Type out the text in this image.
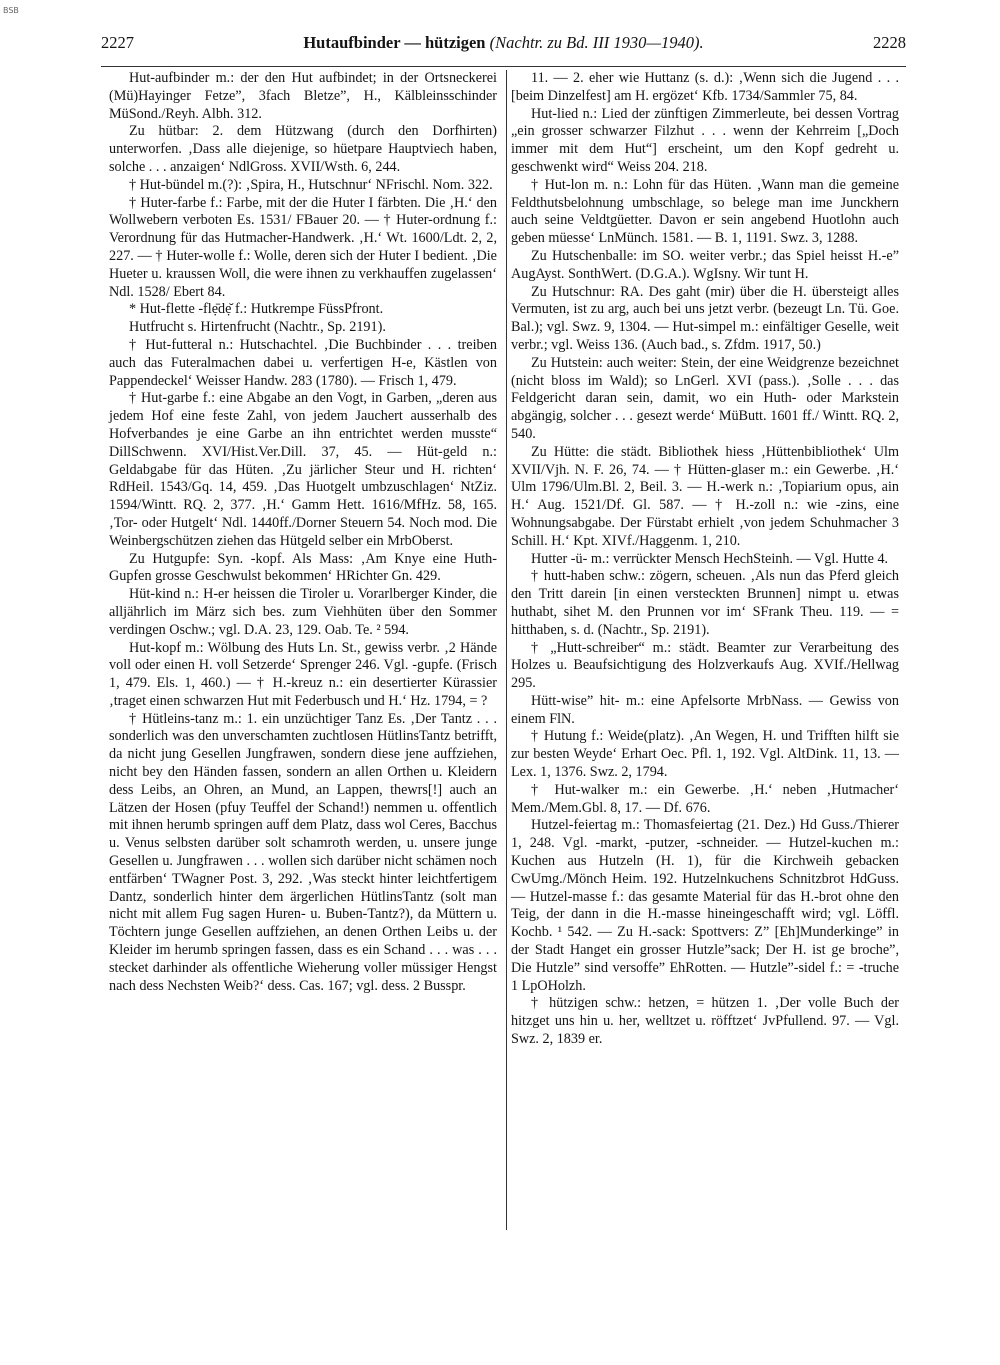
BSB
2227	Hutaufbinder — hützigen (Nachtr. zu Bd. III 1930—1940).	2228

Hut-aufbinder m.: der den Hut aufbindet; in der Ortsneckerei (Mü)Hayinger Fetze”, 3fach Bletze”, H., Kälbleinsschinder MüSond./Reyh. Albh. 312.

Zu hütbar: 2. dem Hützwang (durch den Dorfhirten) unterworfen. ‚Dass alle diejenige, so hüetpare Hauptviech haben, solche . . . anzaigen‘ NdlGross. XVII/Wsth. 6, 244.

† Hut-bündel m.(?): ‚Spira, H., Hutschnur‘ NFrischl. Nom. 322.

† Huter-farbe f.: Farbe, mit der die Huter I färbten. Die ‚H.‘ den Wollwebern verboten Es. 1531/ FBauer 20. — † Huter-ordnung f.: Verordnung für das Hutmacher-Handwerk. ‚H.‘ Wt. 1600/Ldt. 2, 2, 227. — † Huter-wolle f.: Wolle, deren sich der Huter I bedient. ‚Die Hueter u. kraussen Woll, die were ihnen zu verkhauffen zugelassen‘ Ndl. 1528/ Ebert 84.

* Hut-flette -flẹ̄dẹ̆ f.: Hutkrempe FüssPfront.

Hutfrucht s. Hirtenfrucht (Nachtr., Sp. 2191).

† Hut-futteral n.: Hutschachtel. ‚Die Buchbinder . . . treiben auch das Futeralmachen dabei u. verfertigen H-e, Kästlen von Pappendeckel‘ Weisser Handw. 283 (1780). — Frisch 1, 479.

† Hut-garbe f.: eine Abgabe an den Vogt, in Garben, „deren aus jedem Hof eine feste Zahl, von jedem Jauchert ausserhalb des Hofverbandes je eine Garbe an ihn entrichtet werden musste“ DillSchwenn. XVI/Hist.Ver.Dill. 37, 45. — Hüt-geld n.: Geldabgabe für das Hüten. ‚Zu järlicher Steur und H. richten‘ RdHeil. 1543/Gq. 14, 459. ‚Das Huotgelt umbzuschlagen‘ NtZiz. 1594/Wintt. RQ. 2, 377. ‚H.‘ Gamm Hett. 1616/MfHz. 58, 165. ‚Tor- oder Hutgelt‘ Ndl. 1440ff./Dorner Steuern 54. Noch mod. Die Weinbergschützen ziehen das Hütgeld selber ein MrbOberst.

Zu Hutgupfe: Syn. -kopf. Als Mass: ‚Am Knye eine Huth-Gupfen grosse Geschwulst bekommen‘ HRichter Gn. 429.

Hüt-kind n.: H-er heissen die Tiroler u. Vorarlberger Kinder, die alljährlich im März sich bes. zum Viehhüten über den Sommer verdingen Oschw.; vgl. D.A. 23, 129. Oab. Te. ² 594.

Hut-kopf m.: Wölbung des Huts Ln. St., gewiss verbr. ‚2 Hände voll oder einen H. voll Setzerde‘ Sprenger 246. Vgl. -gupfe. (Frisch 1, 479. Els. 1, 460.) — † H.-kreuz n.: ein desertierter Kürassier ‚traget einen schwarzen Hut mit Federbusch und H.‘ Hz. 1794, = ?

† Hütleins-tanz m.: 1. ein unzüchtiger Tanz Es. ‚Der Tantz . . . sonderlich was den unverschamten zuchtlosen HütlinsTantz betrifft, da nicht jung Gesellen Jungfrawen, sondern diese jene auffziehen, nicht bey den Händen fassen, sondern an allen Orthen u. Kleidern dess Leibs, an Ohren, an Mund, an Lappen, thewrs[!] auch an Lätzen der Hosen (pfuy Teuffel der Schand!) nemmen u. offentlich mit ihnen herumb springen auff dem Platz, dass wol Ceres, Bacchus u. Venus selbsten darüber solt schamroth werden, u. unsere junge Gesellen u. Jungfrawen . . . wollen sich darüber nicht schämen noch entfärben‘ TWagner Post. 3, 292. ‚Was steckt hinter leichtfertigem Dantz, sonderlich hinter dem ärgerlichen HütlinsTantz (solt man nicht mit allem Fug sagen Huren- u. Buben-Tantz?), da Müttern u. Töchtern junge Gesellen auffziehen, an denen Orthen Leibs u. der Kleider im herumb springen fassen, dass es ein Schand . . . was . . . stecket darhinder als offentliche Wieherung voller müssiger Hengst nach dess Nechsten Weib?‘ dess. Cas. 167; vgl. dess. 2 Busspr.

11. — 2. eher wie Huttanz (s. d.): ‚Wenn sich die Jugend . . . [beim Dinzelfest] am H. ergözet‘ Kfb. 1734/Sammler 75, 84.

Hut-lied n.: Lied der zünftigen Zimmerleute, bei dessen Vortrag „ein grosser schwarzer Filzhut . . . wenn der Kehrreim [„Doch immer mit dem Hut“] erscheint, um den Kopf gedreht u. geschwenkt wird“ Weiss 204. 218.

† Hut-lon m. n.: Lohn für das Hüten. ‚Wann man die gemeine Feldthutsbelohnung umbschlage, so belege man ime Junckhern auch seine Veldtgüetter. Davon er sein angebend Huotlohn auch geben müesse‘ LnMünch. 1581. — B. 1, 1191. Swz. 3, 1288.

Zu Hutschenballe: im SO. weiter verbr.; das Spiel heisst H.-e” AugAyst. SonthWert. (D.G.A.). WgIsny. Wir tunt H.

Zu Hutschnur: RA. Des gaht (mir) über die H. übersteigt alles Vermuten, ist zu arg, auch bei uns jetzt verbr. (bezeugt Ln. Tü. Goe. Bal.); vgl. Swz. 9, 1304. — Hut-simpel m.: einfältiger Geselle, weit verbr.; vgl. Weiss 136. (Auch bad., s. Zfdm. 1917, 50.)

Zu Hutstein: auch weiter: Stein, der eine Weidgrenze bezeichnet (nicht bloss im Wald); so LnGerl. XVI (pass.). ‚Solle . . . das Feldgericht daran sein, damit, wo ein Huth- oder Markstein abgängig, solcher . . . gesezt werde‘ MüButt. 1601 ff./ Wintt. RQ. 2, 540.

Zu Hütte: die städt. Bibliothek hiess ‚Hüttenbibliothek‘ Ulm XVII/Vjh. N. F. 26, 74. — † Hütten-glaser m.: ein Gewerbe. ‚H.‘ Ulm 1796/Ulm.Bl. 2, Beil. 3. — H.-werk n.: ‚Topiarium opus, ain H.‘ Aug. 1521/Df. Gl. 587. — † H.-zoll n.: wie -zins, eine Wohnungsabgabe. Der Fürstabt erhielt ‚von jedem Schuhmacher 3 Schill. H.‘ Kpt. XIVf./Haggenm. 1, 210.

Hutter -ü- m.: verrückter Mensch HechSteinh. — Vgl. Hutte 4.

† hutt-haben schw.: zögern, scheuen. ‚Als nun das Pferd gleich den Tritt darein [in einen versteckten Brunnen] nimpt u. etwas huthabt, sihet M. den Prunnen vor im‘ SFrank Theu. 119. — = hitthaben, s. d. (Nachtr., Sp. 2191).

† „Hutt-schreiber“ m.: städt. Beamter zur Verarbeitung des Holzes u. Beaufsichtigung des Holzverkaufs Aug. XVIf./Hellwag 295.

Hütt-wise” hit- m.: eine Apfelsorte MrbNass. — Gewiss von einem FlN.

† Hutung f.: Weide(platz). ‚An Wegen, H. und Trifften hilft sie zur besten Weyde‘ Erhart Oec. Pfl. 1, 192. Vgl. AltDink. 11, 13. — Lex. 1, 1376. Swz. 2, 1794.

† Hut-walker m.: ein Gewerbe. ‚H.‘ neben ‚Hutmacher‘ Mem./Mem.Gbl. 8, 17. — Df. 676.

Hutzel-feiertag m.: Thomasfeiertag (21. Dez.) Hd Guss./Thierer 1, 248. Vgl. -markt, -putzer, -schneider. — Hutzel-kuchen m.: Kuchen aus Hutzeln (H. 1), für die Kirchweih gebacken CwUmg./Mönch Heim. 192. Hutzelnkuchens Schnitzbrot HdGuss. — Hutzel-masse f.: das gesamte Material für das H.-brot ohne den Teig, der dann in die H.-masse hineingeschafft wird; vgl. Löffl. Kochb. ¹ 542. — Zu H.-sack: Spottvers: Z” [Eh]Munderkinge” in der Stadt Hanget ein grosser Hutzle”sack; Der H. ist ge broche”, Die Hutzle” sind versoffe” EhRotten. — Hutzle”-sidel f.: = -truche 1 LpOHolzh.

† hützigen schw.: hetzen, = hützen 1. ‚Der volle Buch der hitzget uns hin u. her, welltzet u. röfftzet‘ JvPfullend. 97. — Vgl. Swz. 2, 1839 er.
